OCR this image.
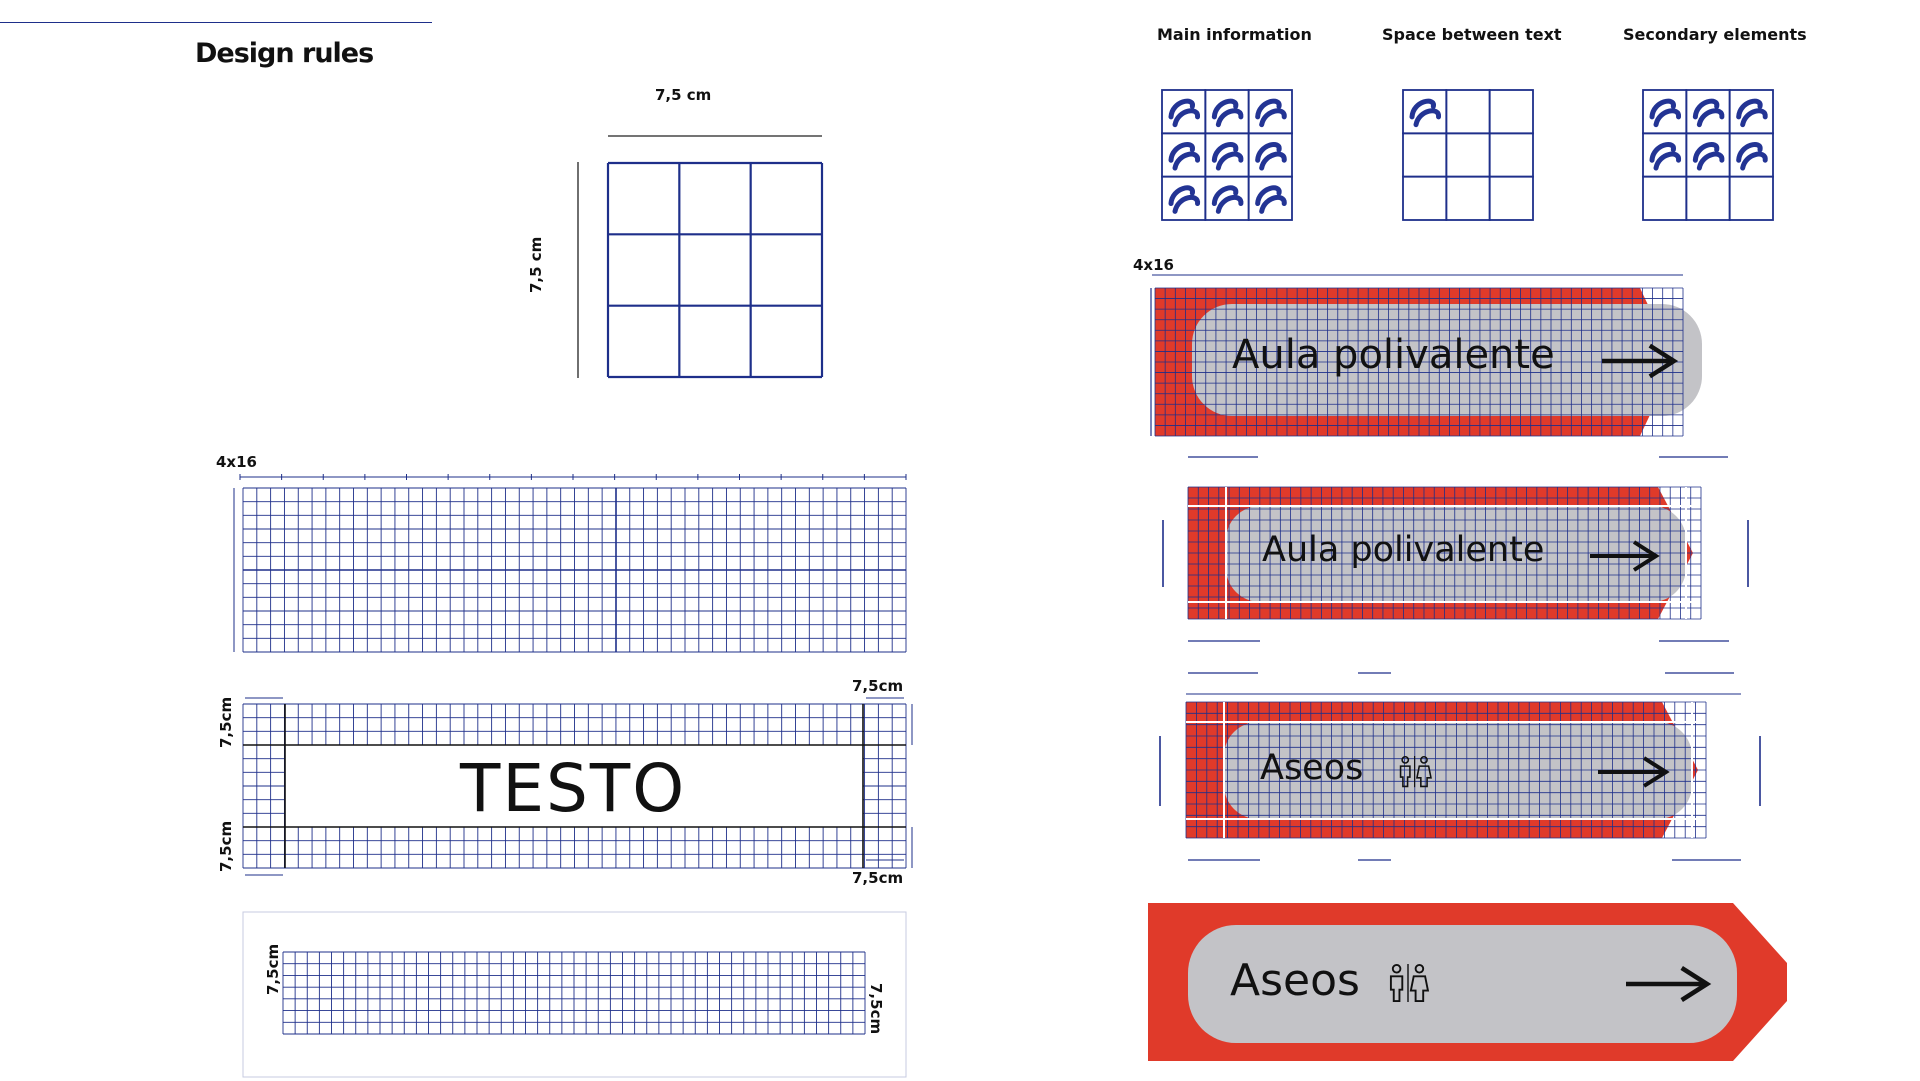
Design rules
7,5 cm
7,5 cm
4x16
7,5cm
7,5cm
7,5cm
7,5cm
TESTO
7,5cm
7,5cm
Main information	Space between text	Secondary elements
4x16
Aula polivalente
Aula polivalente
Aseos
Aseos
